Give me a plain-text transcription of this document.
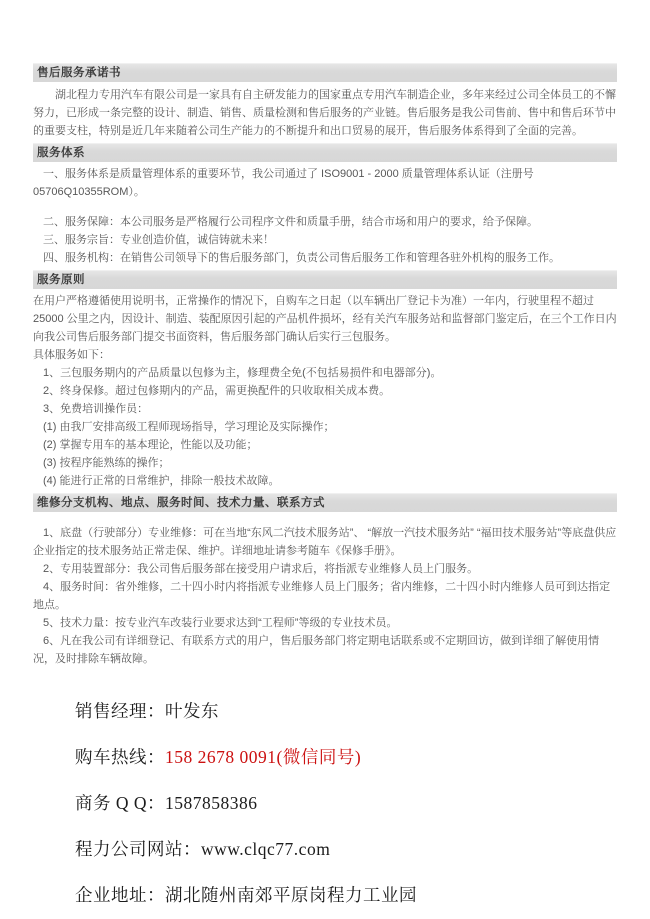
售后服务承诺书

湖北程力专用汽车有限公司是一家具有自主研发能力的国家重点专用汽车制造企业，多年来经过公司全体员工的不懈努力，已形成一条完整的设计、制造、销售、质量检测和售后服务的产业链。售后服务是我公司售前、售中和售后环节中的重要支柱，特别是近几年来随着公司生产能力的不断提升和出口贸易的展开，售后服务体系得到了全面的完善。

服务体系

一、服务体系是质量管理体系的重要环节，我公司通过了 ISO9001 - 2000 质量管理体系认证（注册号 05706Q10355ROM）。

二、服务保障：本公司服务是严格履行公司程序文件和质量手册，结合市场和用户的要求，给予保障。

三、服务宗旨：专业创造价值，诚信铸就未来！

四、服务机构：在销售公司领导下的售后服务部门，负责公司售后服务工作和管理各驻外机构的服务工作。

服务原则

在用户严格遵循使用说明书，正常操作的情况下，自购车之日起（以车辆出厂登记卡为准）一年内，行驶里程不超过 25000 公里之内，因设计、制造、装配原因引起的产品机件损坏，经有关汽车服务站和监督部门鉴定后，在三个工作日内向我公司售后服务部门提交书面资料，售后服务部门确认后实行三包服务。

具体服务如下：

1、三包服务期内的产品质量以包修为主，修理费全免(不包括易损件和电器部分)。

2、终身保修。超过包修期内的产品，需更换配件的只收取相关成本费。

3、免费培训操作员：

(1) 由我厂安排高级工程师现场指导，学习理论及实际操作；

(2) 掌握专用车的基本理论，性能以及功能；

(3) 按程序能熟练的操作；

(4) 能进行正常的日常维护，排除一般技术故障。

维修分支机构、地点、服务时间、技术力量、联系方式

1、底盘（行驶部分）专业维修：可在当地“东风二汽技术服务站”、 “解放一汽技术服务站” “福田技术服务站”等底盘供应企业指定的技术服务站正常走保、维护。详细地址请参考随车《保修手册》。

2、专用装置部分：我公司售后服务部在接受用户请求后，将指派专业维修人员上门服务。

4、服务时间：省外维修，二十四小时内将指派专业维修人员上门服务；省内维修，二十四小时内维修人员可到达指定地点。

5、技术力量：按专业汽车改装行业要求达到“工程师”等级的专业技术员。

6、凡在我公司有详细登记、有联系方式的用户，售后服务部门将定期电话联系或不定期回访，做到详细了解使用情况，及时排除车辆故障。

销售经理：叶发东

购车热线：158 2678 0091(微信同号)

商务 Q Q：1587858386

程力公司网站：www.clqc77.com

企业地址：湖北随州南郊平原岗程力工业园
